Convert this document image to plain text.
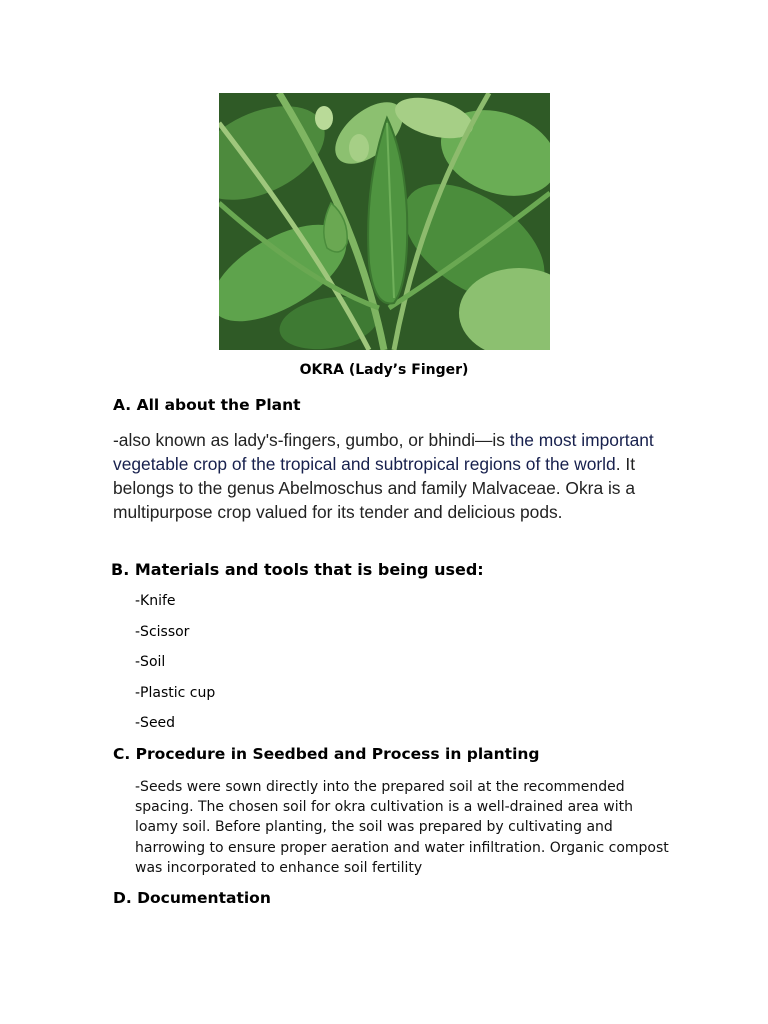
OKRA (Lady’s Finger)
A. All about the Plant

-also known as lady's-fingers, gumbo, or bhindi—is the most important vegetable crop of the tropical and subtropical regions of the world. It belongs to the genus Abelmoschus and family Malvaceae. Okra is a multipurpose crop valued for its tender and delicious pods.

B. Materials and tools that is being used:
-Knife
-Scissor
-Soil
-Plastic cup
-Seed
C. Procedure in Seedbed and Process in planting

-Seeds were sown directly into the prepared soil at the recommended spacing. The chosen soil for okra cultivation is a well-drained area with loamy soil. Before planting, the soil was prepared by cultivating and harrowing to ensure proper aeration and water infiltration. Organic compost was incorporated to enhance soil fertility

D. Documentation
